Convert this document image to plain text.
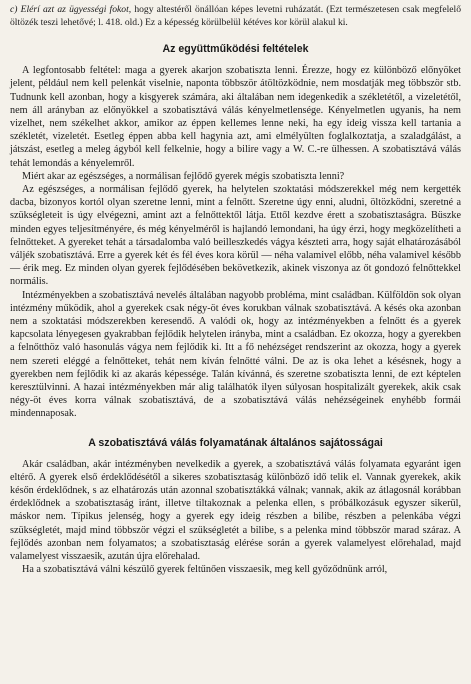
c) Elérí azt az ügyességi fokot, hogy altestéről önállóan képes levetni ruházatát. (Ezt természetesen csak megfelelő öltözék teszi lehetővé; l. 418. old.) Ez a képesség körülbelül kétéves kor körül alakul ki.

Az együttműködési feltételek

A legfontosabb feltétel: maga a gyerek akarjon szobatiszta lenni. Érezze, hogy ez különböző előnyöket jelent, például nem kell pelenkát viselnie, naponta többször átöltözködnie, nem mosdatják meg többször stb. Tudnunk kell azonban, hogy a kisgyerek számára, aki általában nem idegenkedik a székletétől, a vizeletétől, nem áll arányban az előnyökkel a szobatisztává válás kényelmetlensége. Kényelmetlen ugyanis, ha nem vizelhet, nem székelhet akkor, amikor az éppen kellemes lenne neki, ha egy ideig vissza kell tartania a székletét, vizeletét. Esetleg éppen abba kell hagynia azt, ami elmélyülten foglalkoztatja, a szaladgálást, a játszást, esetleg a meleg ágyból kell felkelnie, hogy a bilire vagy a W. C.-re ülhessen. A szobatisztává válás tehát lemondás a kényelemről.

Miért akar az egészséges, a normálisan fejlődő gyerek mégis szobatiszta lenni?

Az egészséges, a normálisan fejlődő gyerek, ha helytelen szoktatási módszerekkel még nem kergették dacba, bizonyos kortól olyan szeretne lenni, mint a felnőtt. Szeretne úgy enni, aludni, öltözködni, szeretné a szükségleteit is úgy elvégezni, amint azt a felnőttektől látja. Ettől kezdve érett a szobatisztaságra. Büszke minden egyes teljesítményére, és még kényelméről is hajlandó lemondani, ha úgy érzi, hogy megközelítheti a felnőtteket. A gyereket tehát a társadalomba való beilleszkedés vágya készteti arra, hogy saját elhatározásából váljék szobatisztává. Erre a gyerek két és fél éves kora körül — néha valamivel előbb, néha valamivel később — érik meg. Ez minden olyan gyerek fejlődésében bekövetkezik, akinek viszonya az őt gondozó felnőttekkel normális.

Intézményekben a szobatisztává nevelés általában nagyobb probléma, mint családban. Külföldön sok olyan intézmény működik, ahol a gyerekek csak négy-öt éves korukban válnak szobatisztává. A késés oka azonban nem a szoktatási módszerekben keresendő. A valódi ok, hogy az intézményekben a felnőtt és a gyerek kapcsolata lényegesen gyakrabban fejlődik helytelen irányba, mint a családban. Ez okozza, hogy a gyerekben a felnőtthöz való hasonulás vágya nem fejlődik ki. Itt a fő nehézséget rendszerint az okozza, hogy a gyerek nem szereti eléggé a felnőtteket, tehát nem kíván felnőtté válni. De az is oka lehet a késésnek, hogy a gyerekben nem fejlődik ki az akarás képessége. Talán kívánná, és szeretne szobatiszta lenni, de ezt képtelen keresztülvinni. A hazai intézményekben már alig találhatók ilyen súlyosan hospitalizált gyerekek, akik csak négy-öt éves korra válnak szobatisztává, de a szobatisztává válás nehézségeinek enyhébb formái mindennaposak.

A szobatisztává válás folyamatának általános sajátosságai

Akár családban, akár intézményben nevelkedik a gyerek, a szobatisztává válás folyamata egyaránt igen eltérő. A gyerek első érdeklődésétől a sikeres szobatisztaság különböző idő telik el. Vannak gyerekek, akik későn érdeklődnek, s az elhatározás után azonnal szobatisztákká válnak; vannak, akik az átlagosnál korábban érdeklődnek a szobatisztaság iránt, illetve tiltakoznak a pelenka ellen, s próbálkozásuk egyszer sikerül, máskor nem. Típikus jelenség, hogy a gyerek egy ideig részben a bilibe, részben a pelenkába végzi szükségletét, majd mind többször végzi el szükségletét a bilibe, s a pelenka mind többször marad száraz. A fejlődés azonban nem folyamatos; a szobatisztaság elérése során a gyerek valamelyest előrehalad, majd valamelyest visszaesik, azután újra előrehalad.

Ha a szobatisztává válni készülő gyerek feltűnően visszaesik, meg kell győződnünk arról,
